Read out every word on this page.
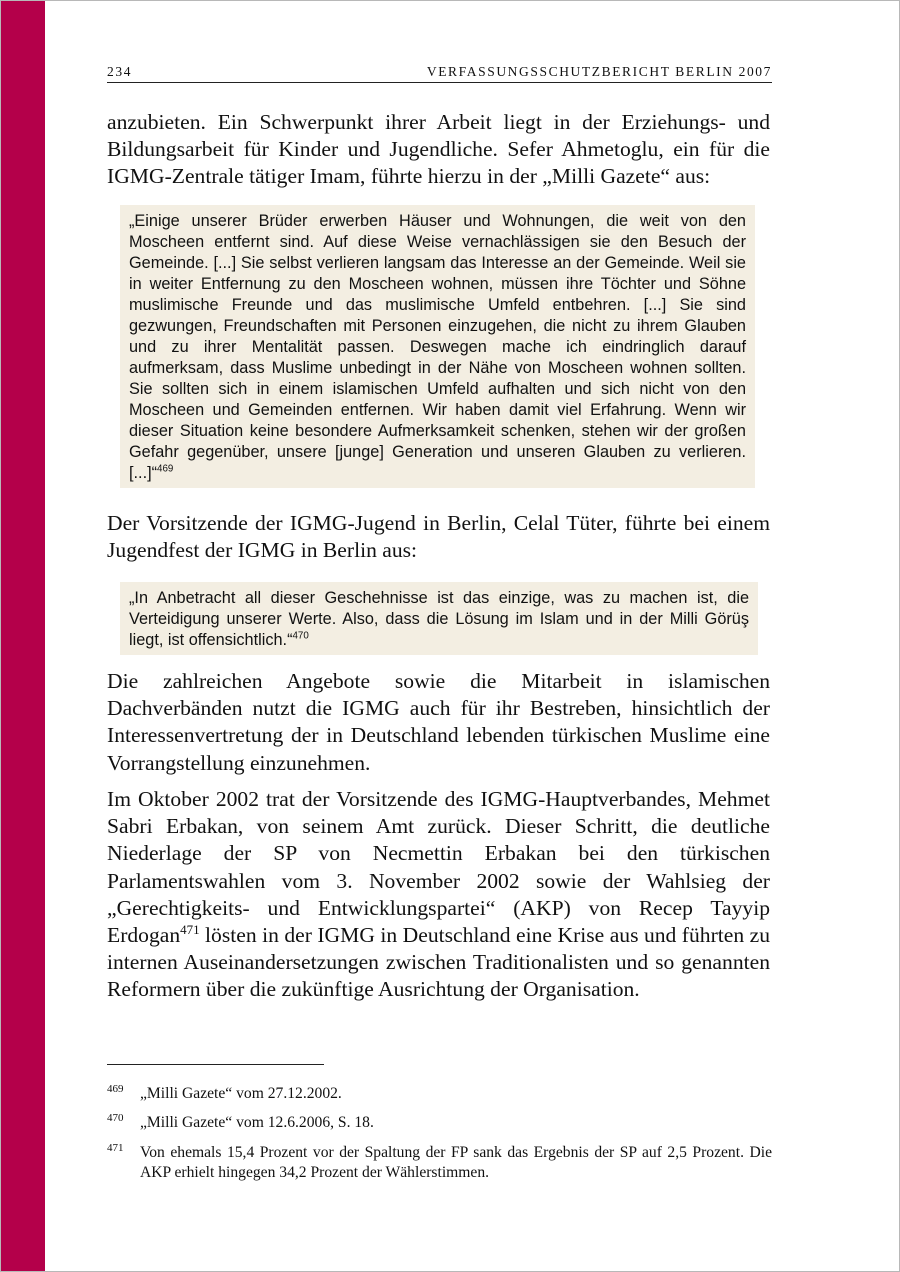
234	VERFASSUNGSSCHUTZBERICHT BERLIN 2007

anzubieten. Ein Schwerpunkt ihrer Arbeit liegt in der Erziehungs- und Bildungsarbeit für Kinder und Jugendliche. Sefer Ahmetoglu, ein für die IGMG-Zentrale tätiger Imam, führte hierzu in der „Milli Gazete“ aus:

„Einige unserer Brüder erwerben Häuser und Wohnungen, die weit von den Moscheen entfernt sind. Auf diese Weise vernachlässigen sie den Besuch der Gemeinde. [...] Sie selbst verlieren langsam das Interesse an der Gemeinde. Weil sie in weiter Entfernung zu den Moscheen wohnen, müssen ihre Töchter und Söhne muslimische Freunde und das muslimische Umfeld entbehren. [...] Sie sind gezwungen, Freundschaften mit Personen einzugehen, die nicht zu ihrem Glauben und zu ihrer Mentalität passen. Deswegen mache ich eindringlich darauf aufmerksam, dass Muslime unbedingt in der Nähe von Moscheen wohnen sollten. Sie sollten sich in einem islamischen Umfeld aufhalten und sich nicht von den Moscheen und Gemeinden entfernen. Wir haben damit viel Erfahrung. Wenn wir dieser Situation keine besondere Aufmerksamkeit schenken, stehen wir der großen Gefahr gegenüber, unsere [junge] Generation und unseren Glauben zu verlieren. [...]“$^{469}$

Der Vorsitzende der IGMG-Jugend in Berlin, Celal Tüter, führte bei einem Jugendfest der IGMG in Berlin aus:

„In Anbetracht all dieser Geschehnisse ist das einzige, was zu machen ist, die Verteidigung unserer Werte. Also, dass die Lösung im Islam und in der Milli Görüş liegt, ist offensichtlich.“$^{470}$

Die zahlreichen Angebote sowie die Mitarbeit in islamischen Dachverbänden nutzt die IGMG auch für ihr Bestreben, hinsichtlich der Interessenvertretung der in Deutschland lebenden türkischen Muslime eine Vorrangstellung einzunehmen.

Im Oktober 2002 trat der Vorsitzende des IGMG-Hauptverbandes, Mehmet Sabri Erbakan, von seinem Amt zurück. Dieser Schritt, die deutliche Niederlage der SP von Necmettin Erbakan bei den türkischen Parlamentswahlen vom 3. November 2002 sowie der Wahlsieg der „Gerechtigkeits- und Entwicklungspartei“ (AKP) von Recep Tayyip Erdogan$^{471}$ lösten in der IGMG in Deutschland eine Krise aus und führten zu internen Auseinandersetzungen zwischen Traditionalisten und so genannten Reformern über die zukünftige Ausrichtung der Organisation.

469 „Milli Gazete“ vom 27.12.2002.
470 „Milli Gazete“ vom 12.6.2006, S. 18.
471 Von ehemals 15,4 Prozent vor der Spaltung der FP sank das Ergebnis der SP auf 2,5 Prozent. Die AKP erhielt hingegen 34,2 Prozent der Wählerstimmen.
